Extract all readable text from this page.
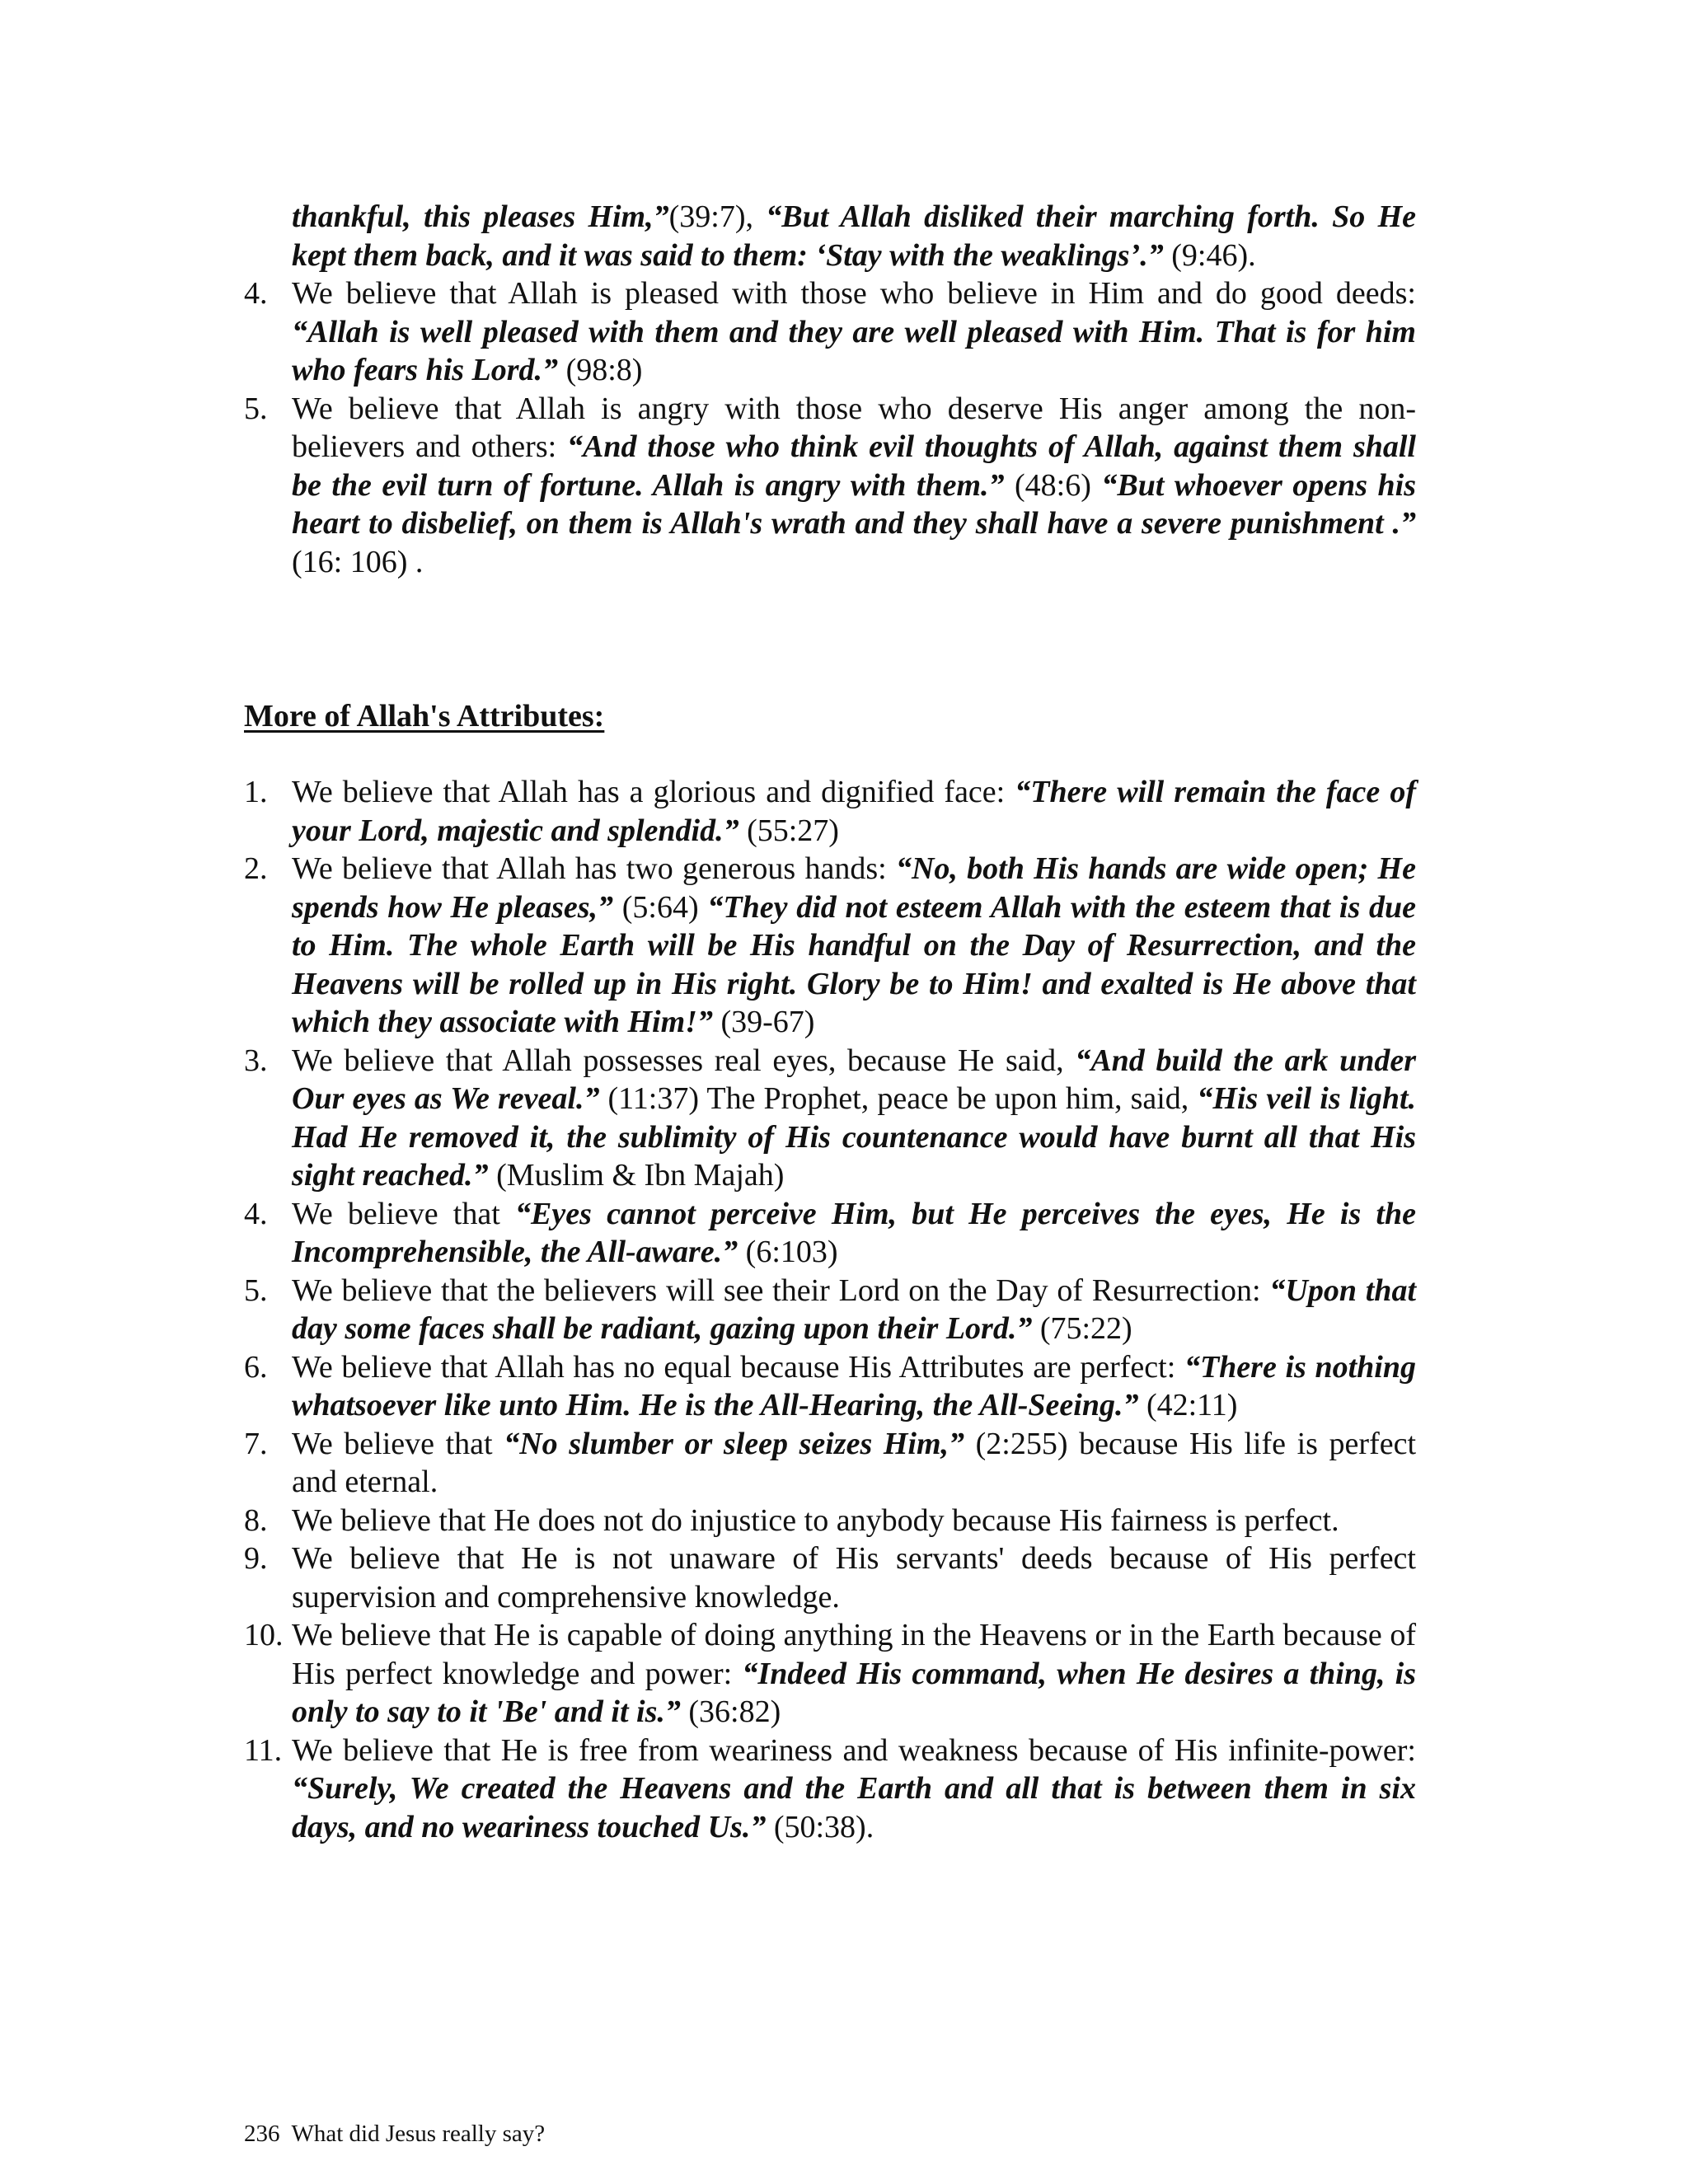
thankful, this pleases Him,”(39:7), “But Allah disliked their marching forth. So He kept them back, and it was said to them: ‘Stay with the weaklings’.” (9:46).

4. We believe that Allah is pleased with those who believe in Him and do good deeds: “Allah is well pleased with them and they are well pleased with Him. That is for him who fears his Lord.” (98:8)

5. We believe that Allah is angry with those who deserve His anger among the non-believers and others: “And those who think evil thoughts of Allah, against them shall be the evil turn of fortune. Allah is angry with them.” (48:6) “But whoever opens his heart to disbelief, on them is Allah's wrath and they shall have a severe punishment .” (16: 106) .

More of Allah's Attributes:

1. We believe that Allah has a glorious and dignified face: “There will remain the face of your Lord, majestic and splendid.” (55:27)

2. We believe that Allah has two generous hands: “No, both His hands are wide open; He spends how He pleases,” (5:64) “They did not esteem Allah with the esteem that is due to Him. The whole Earth will be His handful on the Day of Resurrection, and the Heavens will be rolled up in His right. Glory be to Him! and exalted is He above that which they associate with Him!” (39-67)

3. We believe that Allah possesses real eyes, because He said, “And build the ark under Our eyes as We reveal.” (11:37) The Prophet, peace be upon him, said, “His veil is light. Had He removed it, the sublimity of His countenance would have burnt all that His sight reached.” (Muslim & Ibn Majah)

4. We believe that “Eyes cannot perceive Him, but He perceives the eyes, He is the Incomprehensible, the All-aware.” (6:103)

5. We believe that the believers will see their Lord on the Day of Resurrection: “Upon that day some faces shall be radiant, gazing upon their Lord.” (75:22)

6. We believe that Allah has no equal because His Attributes are perfect: “There is nothing whatsoever like unto Him. He is the All-Hearing, the All-Seeing.” (42:11)

7. We believe that “No slumber or sleep seizes Him,” (2:255) because His life is perfect and eternal.

8. We believe that He does not do injustice to anybody because His fairness is perfect.

9. We believe that He is not unaware of His servants' deeds because of His perfect supervision and comprehensive knowledge.

10. We believe that He is capable of doing anything in the Heavens or in the Earth because of His perfect knowledge and power: “Indeed His command, when He desires a thing, is only to say to it 'Be' and it is.” (36:82)

11. We believe that He is free from weariness and weakness because of His infinite-power: “Surely, We created the Heavens and the Earth and all that is between them in six days, and no weariness touched Us.” (50:38).

236 What did Jesus really say?
